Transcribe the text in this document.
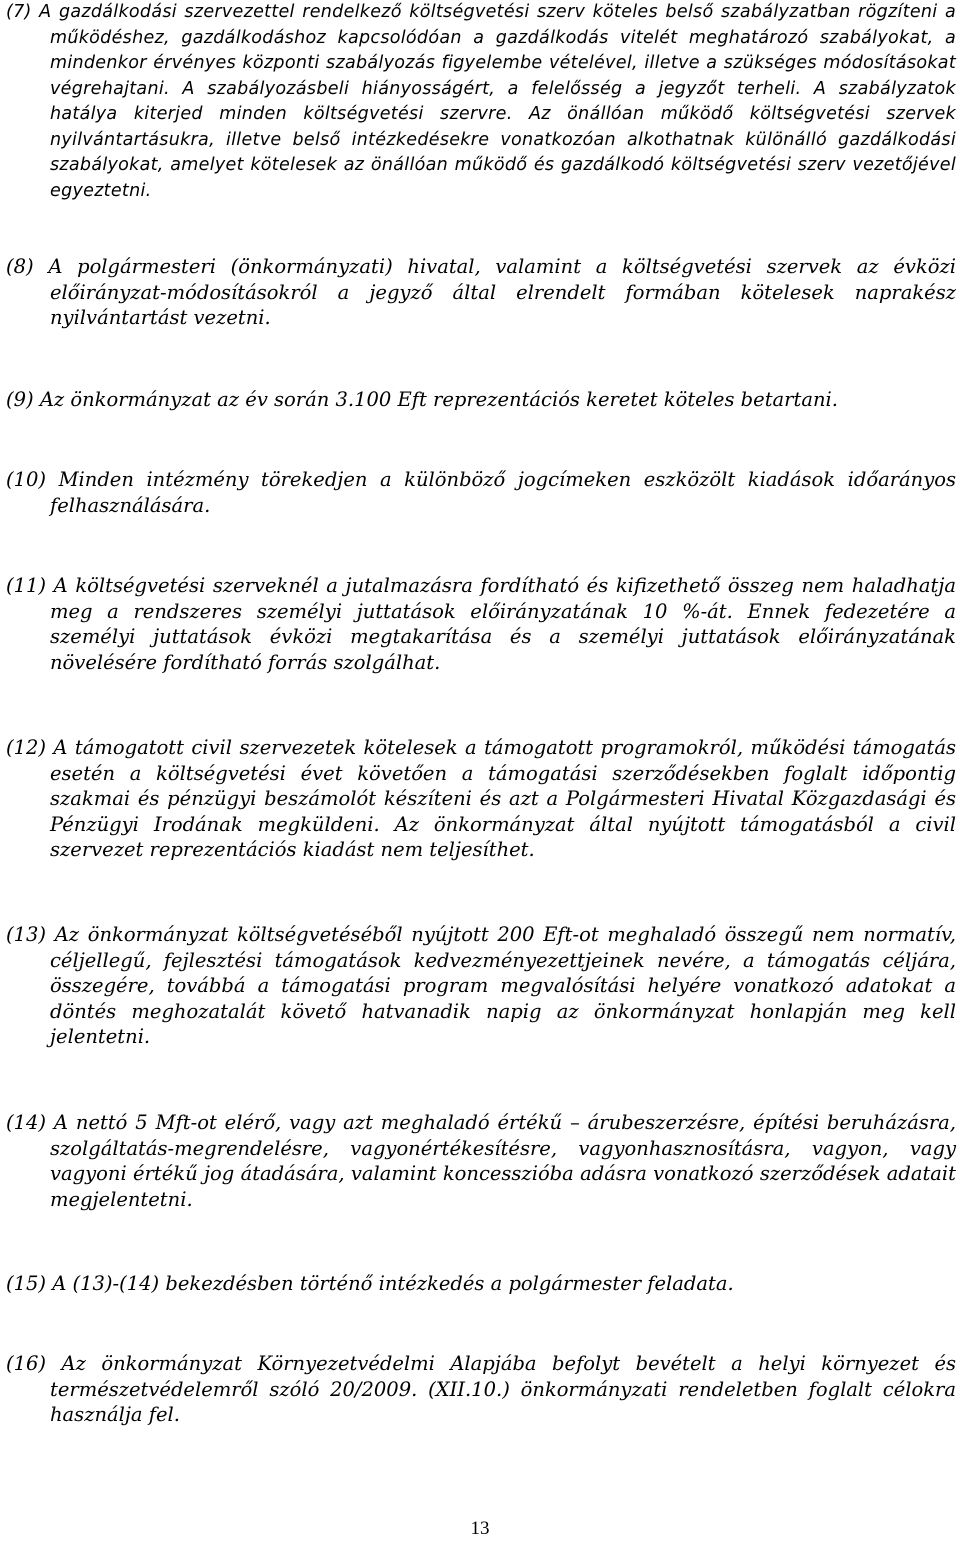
(7) A gazdálkodási szervezettel rendelkező költségvetési szerv köteles belső szabályzatban rögzíteni a működéshez, gazdálkodáshoz kapcsolódóan a gazdálkodás vitelét meghatározó szabályokat, a mindenkor érvényes központi szabályozás figyelembe vételével, illetve a szükséges módosításokat végrehajtani. A szabályozásbeli hiányosságért, a felelősség a jegyzőt terheli. A szabályzatok hatálya kiterjed minden költségvetési szervre. Az önállóan működő költségvetési szervek nyilvántartásukra, illetve belső intézkedésekre vonatkozóan alkothatnak különálló gazdálkodási szabályokat, amelyet kötelesek az önállóan működő és gazdálkodó költségvetési szerv vezetőjével egyeztetni.

(8) A polgármesteri (önkormányzati) hivatal, valamint a költségvetési szervek az évközi előirányzat-módosításokról a jegyző által elrendelt formában kötelesek naprakész nyilvántartást vezetni.

(9) Az önkormányzat az év során 3.100 Eft reprezentációs keretet köteles betartani.

(10) Minden intézmény törekedjen a különböző jogcímeken eszközölt kiadások időarányos felhasználására.

(11) A költségvetési szerveknél a jutalmazásra fordítható és kifizethető összeg nem haladhatja meg a rendszeres személyi juttatások előirányzatának 10 %-át. Ennek fedezetére a személyi juttatások évközi megtakarítása és a személyi juttatások előirányzatának növelésére fordítható forrás szolgálhat.

(12) A támogatott civil szervezetek kötelesek a támogatott programokról, működési támogatás esetén a költségvetési évet követően a támogatási szerződésekben foglalt időpontig szakmai és pénzügyi beszámolót készíteni és azt a Polgármesteri Hivatal Közgazdasági és Pénzügyi Irodának megküldeni. Az önkormányzat által nyújtott támogatásból a civil szervezet reprezentációs kiadást nem teljesíthet.

(13) Az önkormányzat költségvetéséből nyújtott 200 Eft-ot meghaladó összegű nem normatív, céljellegű, fejlesztési támogatások kedvezményezettjeinek nevére, a támogatás céljára, összegére, továbbá a támogatási program megvalósítási helyére vonatkozó adatokat a döntés meghozatalát követő hatvanadik napig az önkormányzat honlapján meg kell jelentetni.

(14) A nettó 5 Mft-ot elérő, vagy azt meghaladó értékű – árubeszerzésre, építési beruházásra, szolgáltatás-megrendelésre, vagyonértékesítésre, vagyonhasznosításra, vagyon, vagy vagyoni értékű jog átadására, valamint koncesszióba adásra vonatkozó szerződések adatait megjelentetni.

(15) A (13)-(14) bekezdésben történő intézkedés a polgármester feladata.

(16) Az önkormányzat Környezetvédelmi Alapjába befolyt bevételt a helyi környezet és természetvédelemről szóló 20/2009. (XII.10.) önkormányzati rendeletben foglalt célokra használja fel.

13
